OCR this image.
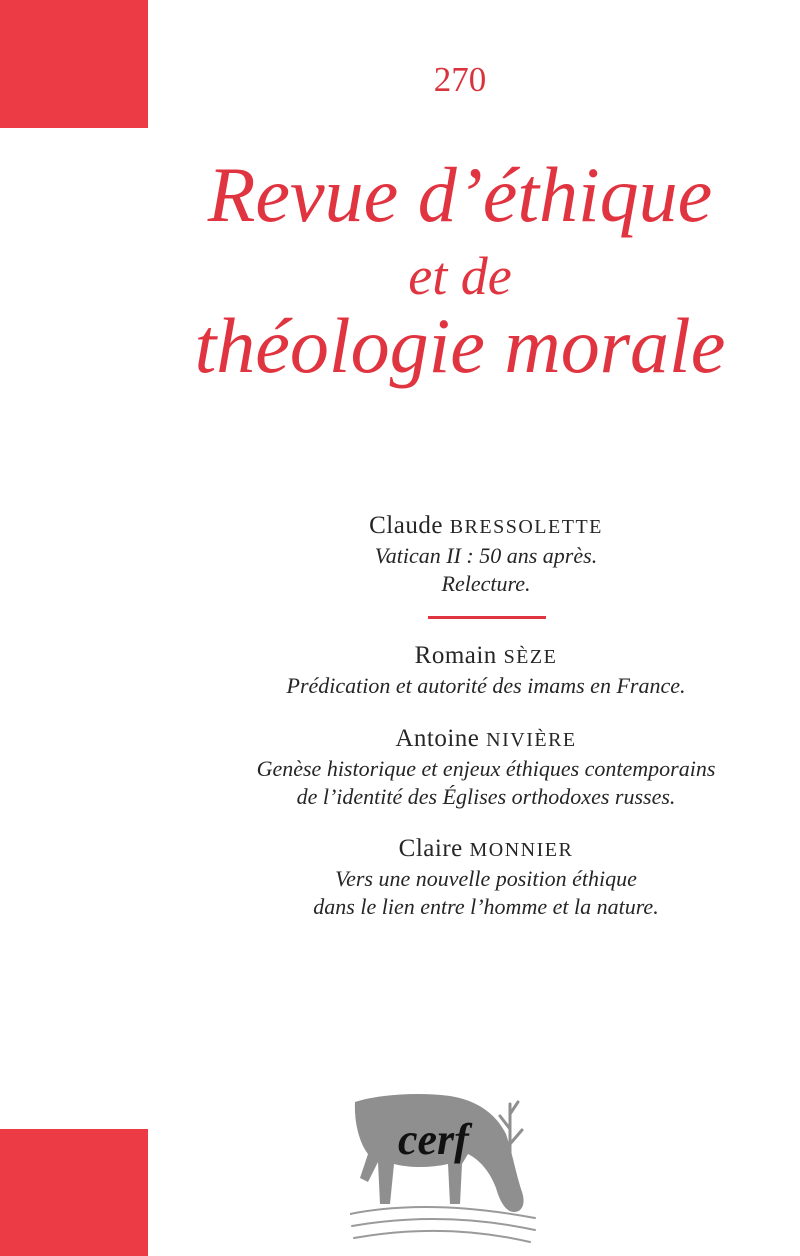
270
Revue d’éthique
et de
théologie morale
Claude BRESSOLETTE
Vatican II : 50 ans après.
Relecture.
Romain SÈZE
Prédication et autorité des imams en France.
Antoine NIVIÈRE
Genèse historique et enjeux éthiques contemporains
de l’identité des Églises orthodoxes russes.
Claire MONNIER
Vers une nouvelle position éthique
dans le lien entre l’homme et la nature.
cerf
